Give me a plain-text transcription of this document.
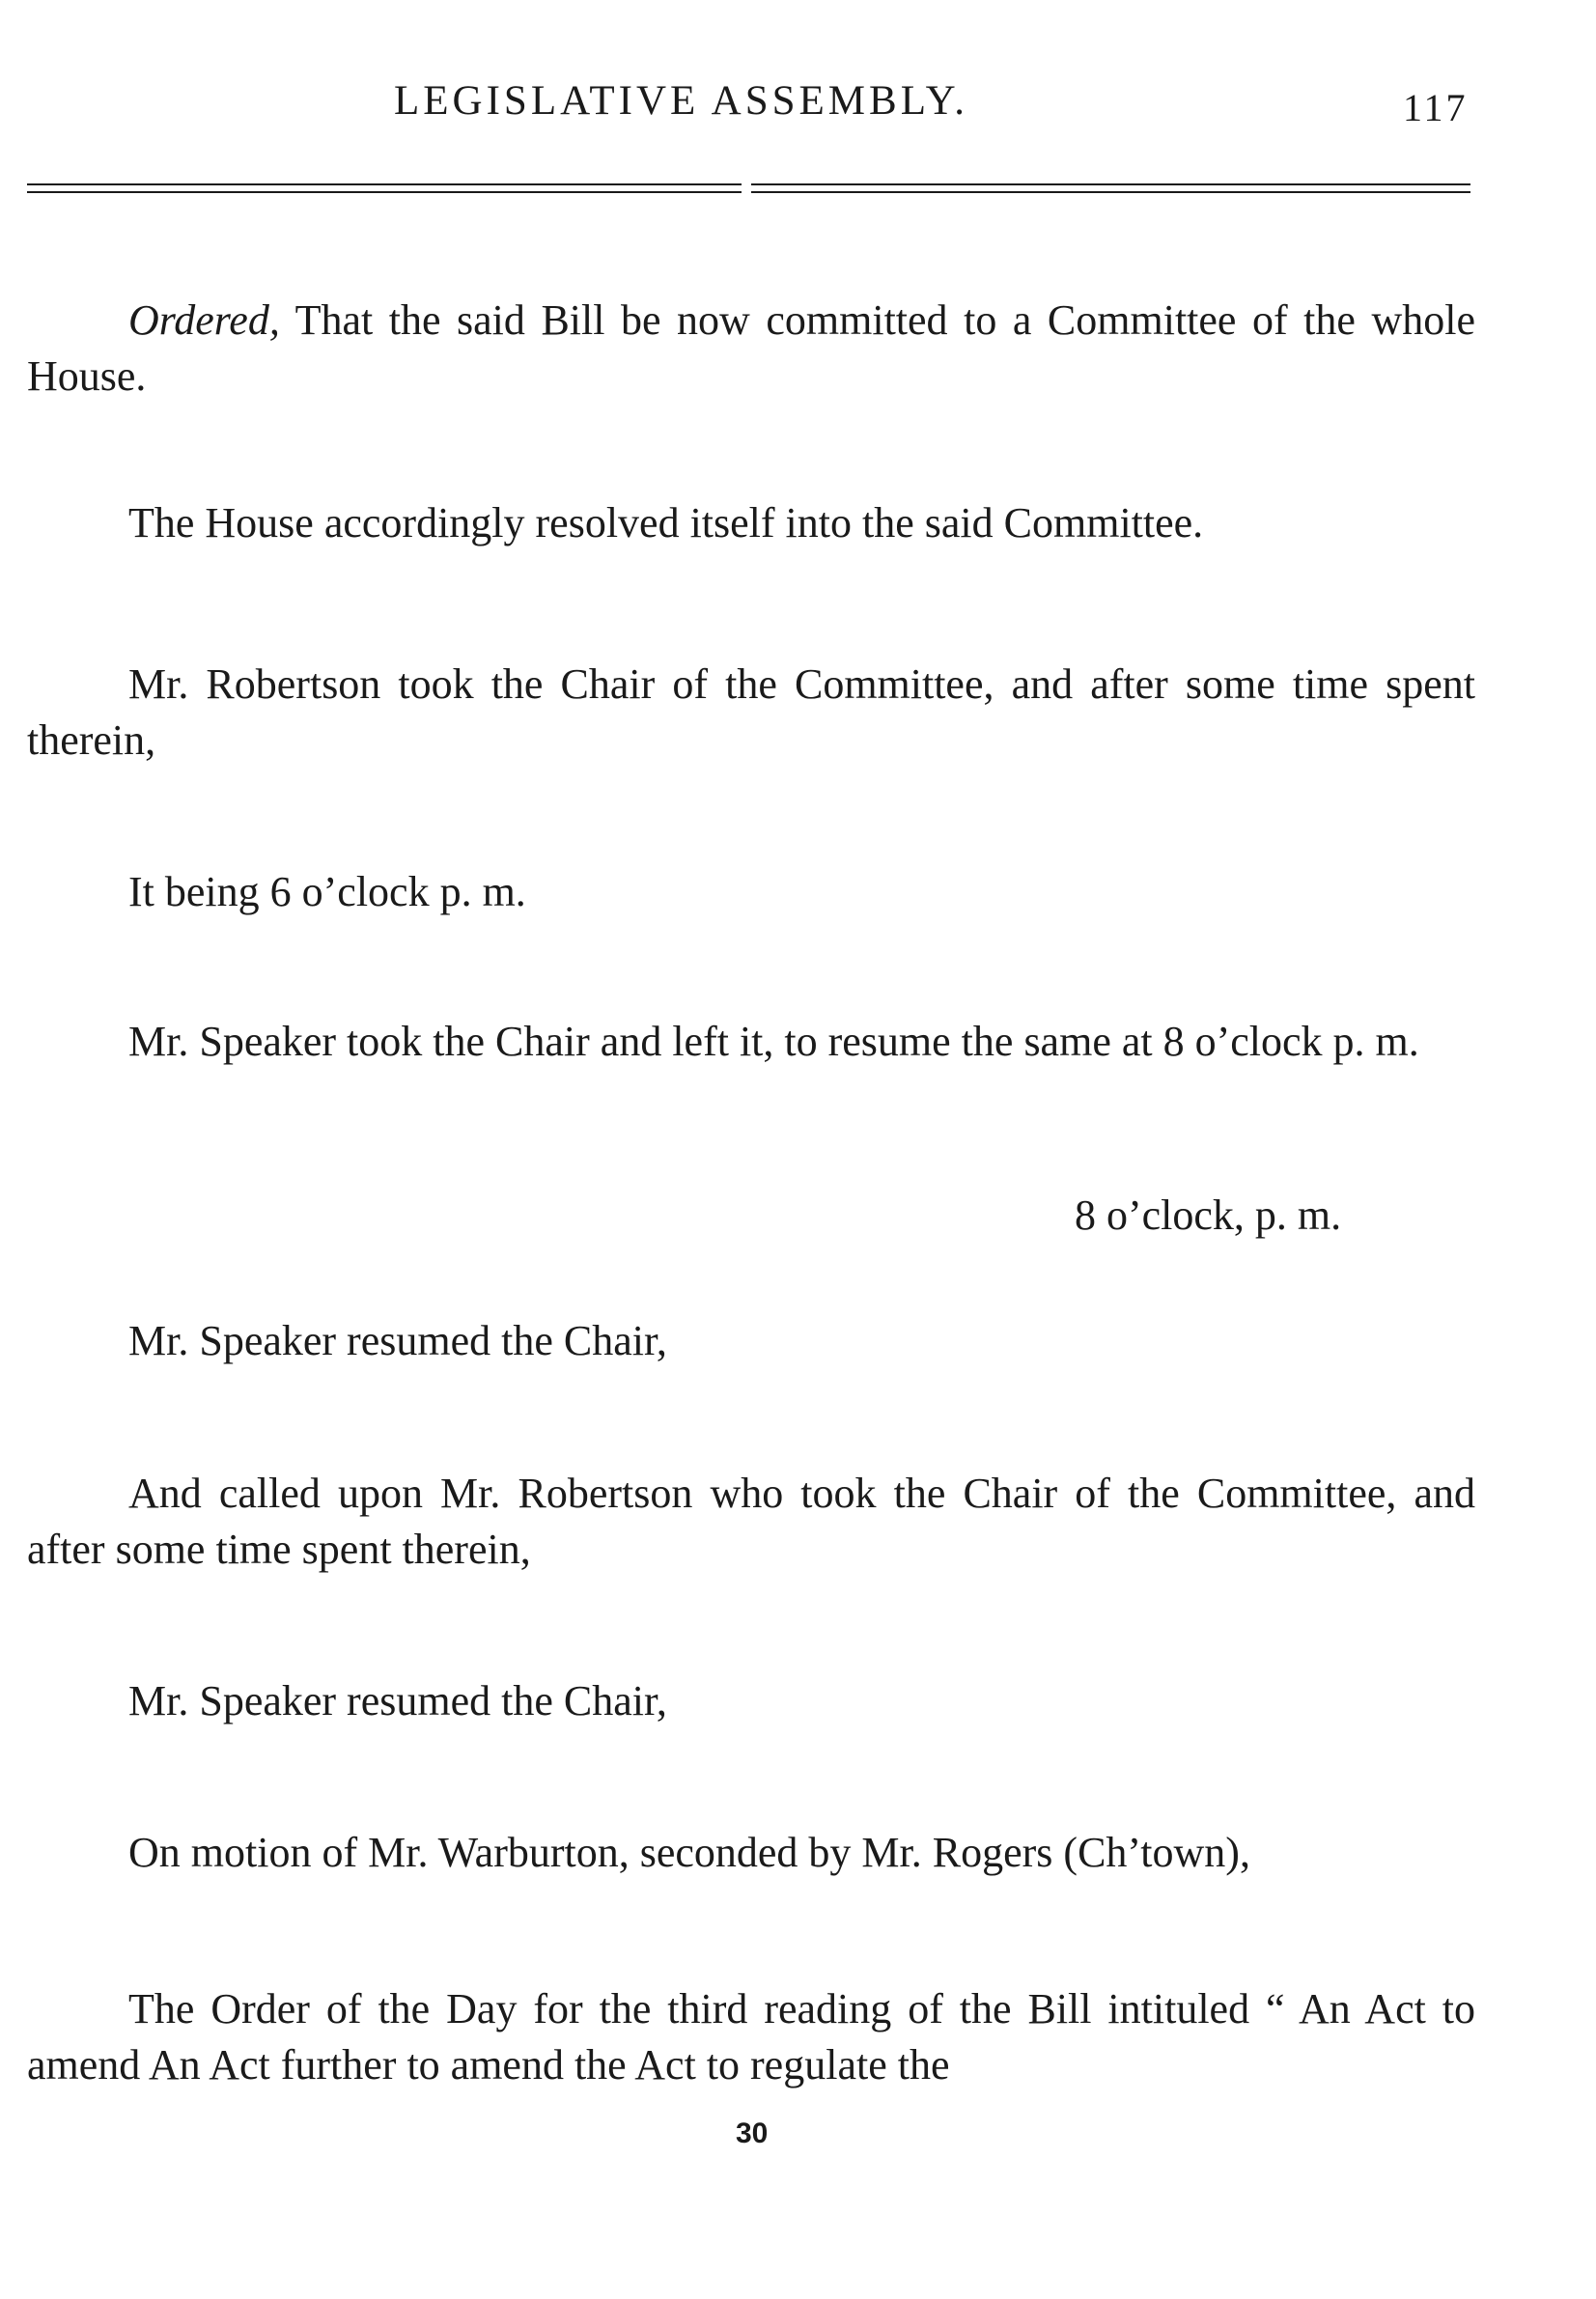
LEGISLATIVE ASSEMBLY.	117
Ordered, That the said Bill be now committed to a Committee of the whole House.
The House accordingly resolved itself into the said Committee.
Mr. Robertson took the Chair of the Committee, and after some time spent therein,
It being 6 o’clock p. m.
Mr. Speaker took the Chair and left it, to resume the same at 8 o’clock p. m.
8 o’clock, p. m.
Mr. Speaker resumed the Chair,
And called upon Mr. Robertson who took the Chair of the Committee, and after some time spent therein,
Mr. Speaker resumed the Chair,
On motion of Mr. Warburton, seconded by Mr. Rogers (Ch’town),
The Order of the Day for the third reading of the Bill intituled “ An Act to amend An Act further to amend the Act to regulate the
30
